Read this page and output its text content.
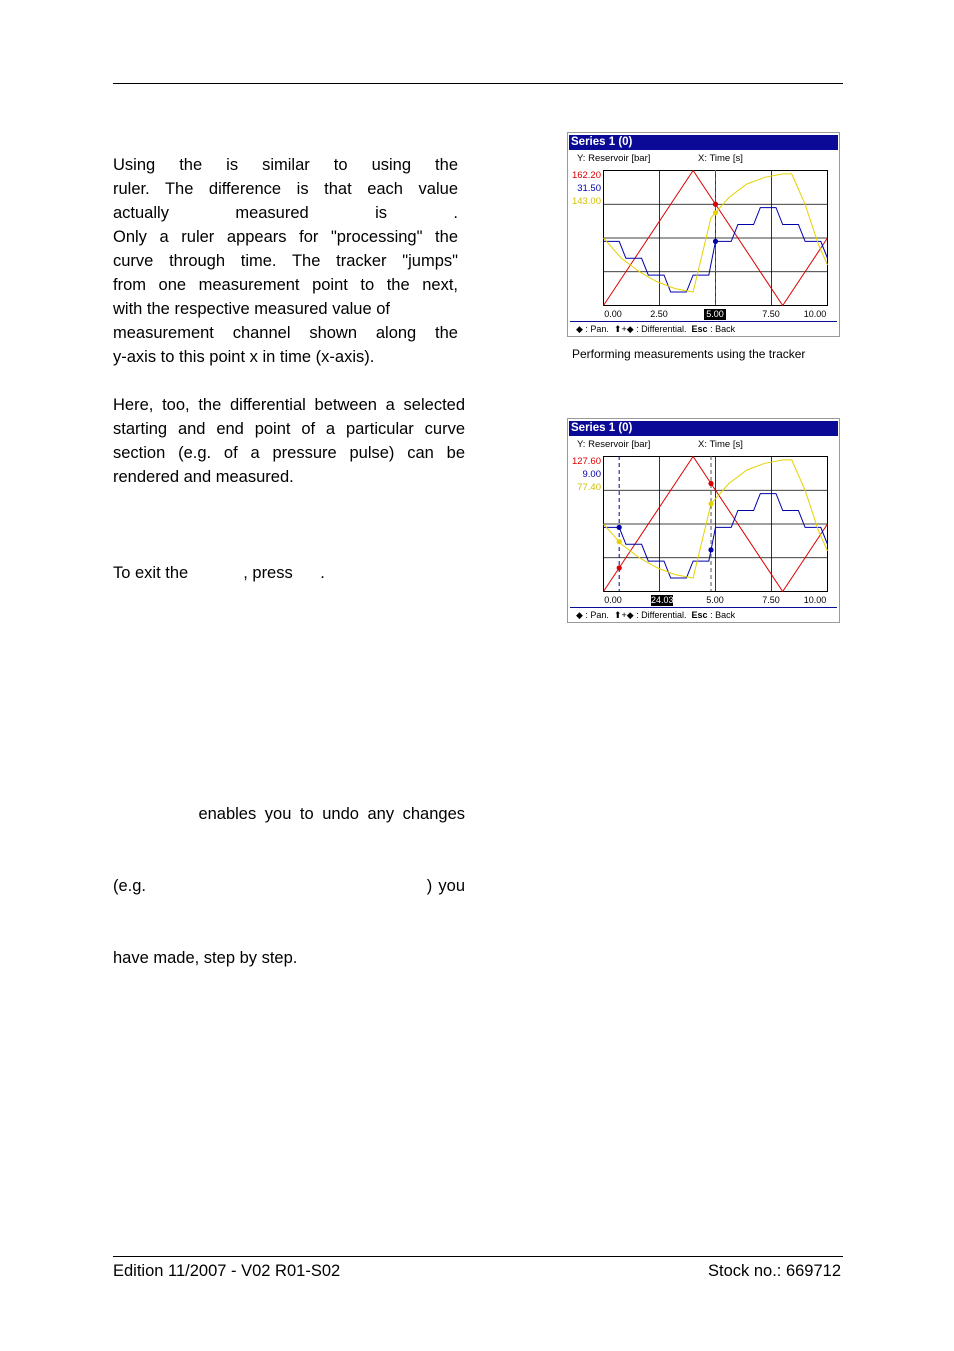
Using the is similar to using the
ruler. The difference is that each value
actually measured is .
Only a ruler appears for "processing" the
curve through time. The tracker "jumps"
from one measurement point to the next,
with the respective measured value of
measurement channel shown along the
y-axis to this point x in time (x-axis).

Here, too, the differential between a selected
starting and end point of a particular curve
section (e.g. of a pressure pulse) can be
rendered and measured.

To exit the            , press      .

enables you to undo any changes

(e.g.                                              ) you

have made, step by step.

Series 1 (0)
Y: Reservoir [bar]	X: Time [s]
162.20
31.50
143.00
0.00	2.50	5.00	7.50	10.00
◆ : Pan. ⬆+◆ : Differential. Esc : Back
Performing measurements using the tracker
Series 1 (0)
Y: Reservoir [bar]	X: Time [s]
127.60
9.00
77.40
0.00	24.03	5.00	7.50	10.00
◆ : Pan. ⬆+◆ : Differential. Esc : Back
Edition 11/2007 - V02 R01-S02	Stock no.: 669712
